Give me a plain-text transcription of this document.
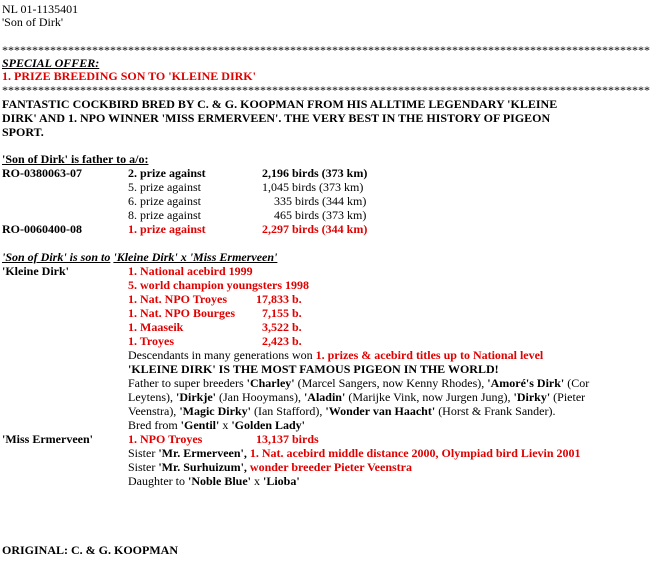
NL 01-1135401
'Son of Dirk'
************************************************************************************************************
SPECIAL OFFER:
1. PRIZE BREEDING SON TO 'KLEINE DIRK'
************************************************************************************************************
FANTASTIC COCKBIRD BRED BY C. & G. KOOPMAN FROM HIS ALLTIME LEGENDARY 'KLEINE
DIRK' AND 1. NPO WINNER 'MISS ERMERVEEN'. THE VERY BEST IN THE HISTORY OF PIGEON
SPORT.
'Son of Dirk' is father to a/o:
RO-0380063-07	2. prize against	2,196 birds (373 km)
5. prize against	1,045 birds (373 km)
6. prize against	335 birds (344 km)
8. prize against	465 birds (373 km)
RO-0060400-08	1. prize against	2,297 birds (344 km)
'Son of Dirk' is son to 'Kleine Dirk' x 'Miss Ermerveen'
'Kleine Dirk'	1. National acebird 1999
5. world champion youngsters 1998
1. Nat. NPO Troyes 17,833 b.
1. Nat. NPO Bourges 7,155 b.
1. Maaseik	3,522 b.
1. Troyes	2,423 b.
Descendants in many generations won 1. prizes & acebird titles up to National level
'KLEINE DIRK' IS THE MOST FAMOUS PIGEON IN THE WORLD!
Father to super breeders 'Charley' (Marcel Sangers, now Kenny Rhodes), 'Amoré's Dirk' (Cor
Leytens), 'Dirkje' (Jan Hooymans), 'Aladin' (Marijke Vink, now Jurgen Jung), 'Dirky' (Pieter
Veenstra), 'Magic Dirky' (Ian Stafford), 'Wonder van Haacht' (Horst & Frank Sander).
Bred from 'Gentil' x 'Golden Lady'
'Miss Ermerveen'	1. NPO Troyes	13,137 birds
Sister 'Mr. Ermerveen', 1. Nat. acebird middle distance 2000, Olympiad bird Lievin 2001
Sister 'Mr. Surhuizum', wonder breeder Pieter Veenstra
Daughter to 'Noble Blue' x 'Lioba'
ORIGINAL: C. & G. KOOPMAN
